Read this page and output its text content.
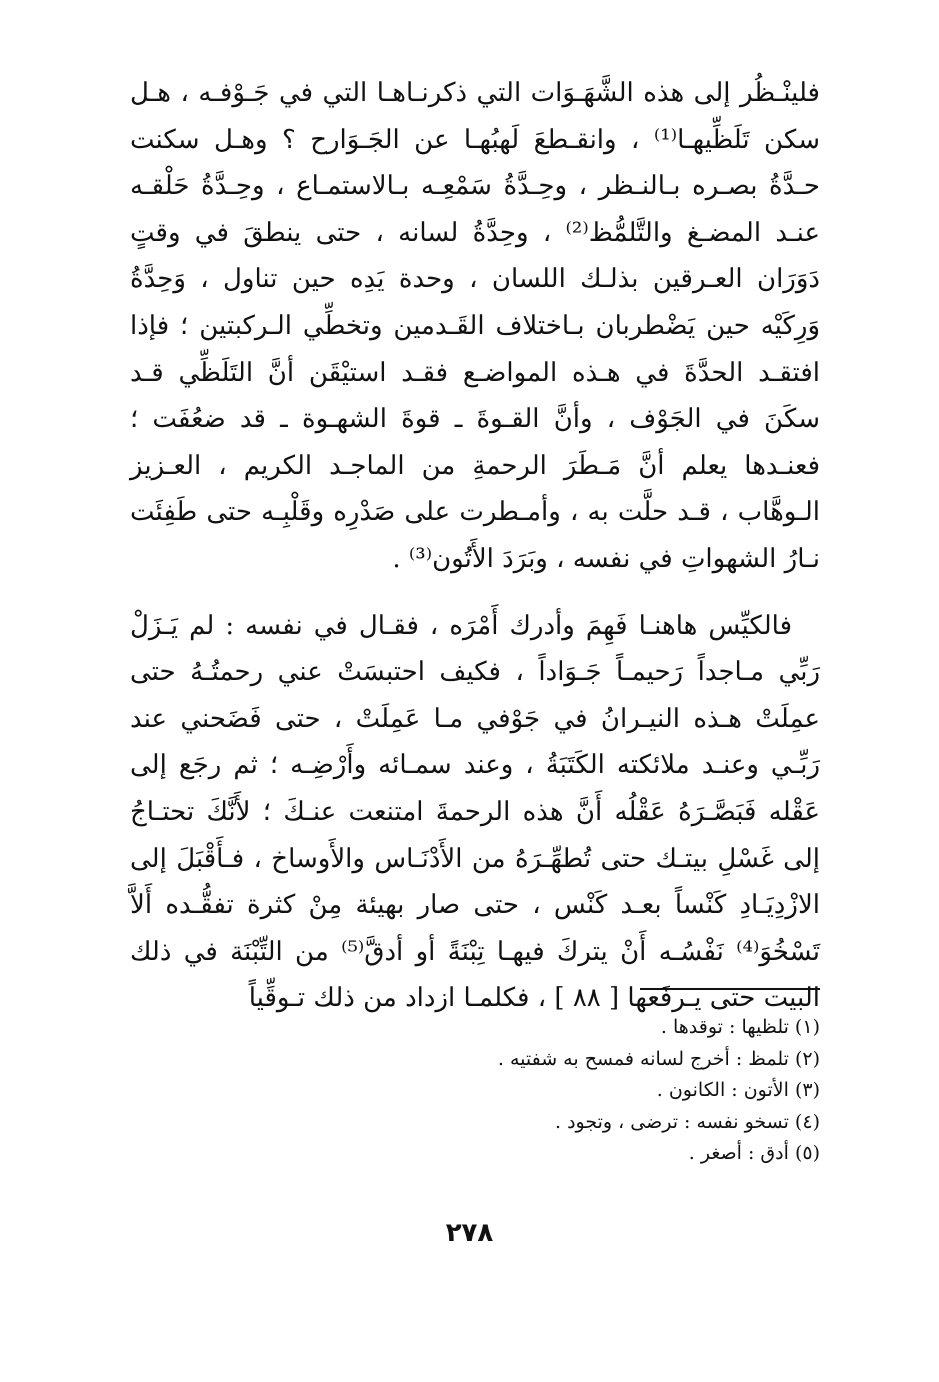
فلينْـظُر إلى هذه الشَّهَـوَات التي ذكرنـاهـا التي في جَـوْفـه ، هـل سكن تَلَظِّيهـا⁽¹⁾ ، وانقـطعَ لَهبُهـا عن الجَـوَارح ؟ وهـل سكنت حـدَّةُ بصـره بـالنـظر ، وحِـدَّةُ سَمْعِـه بـالاستمـاع ، وحِـدَّةُ حَلْقـه عنـد المضـغ والتَّلمُّظ⁽²⁾ ، وحِدَّةُ لسانه ، حتى ينطقَ في وقتٍ دَوَرَان العـرقين بذلـك اللسان ، وحدة يَدِه حين تناول ، وَحِدَّةُ وَرِكَيْه حين يَضْطربان بـاختلاف القَـدمين وتخطِّي الـركبتين ؛ فإذا افتقـد الحدَّةَ في هـذه المواضـع فقـد استيْقَن أنَّ التَلَظِّي قـد سكَنَ في الجَوْف ، وأنَّ القـوةَ ـ قوةَ الشهـوة ـ قد ضعُفَت ؛ فعنـدها يعلم أنَّ مَـطَرَ الرحمةِ من الماجـد الكريم ، العـزيز الـوهَّاب ، قـد حلَّت به ، وأمـطرت على صَدْرِه وقَلْبِـه حتى طَفِئَت نـارُ الشهواتِ في نفسه ، وبَرَدَ الأَتُون⁽³⁾ .

فالكيِّس هاهنـا فَهِمَ وأدرك أَمْرَه ، فقـال في نفسه : لم يَـزَلْ رَبِّي مـاجداً رَحيمـاً جَـوَاداً ، فكيف احتبسَتْ عني رحمتُـهُ حتى عمِلَتْ هـذه النيـرانُ في جَوْفي مـا عَمِلَتْ ، حتى فَضَحني عند رَبِّـي وعنـد ملائكته الكَتَبَةُ ، وعند سمـائه وأَرْضِـه ؛ ثم رجَع إلى عَقْله فَبَصَّـرَهُ عَقْلُه أَنَّ هذه الرحمةَ امتنعت عنـكَ ؛ لأَنَّكَ تحتـاجُ إلى غَسْلِ بيتـك حتى تُطهِّـرَهُ من الأَدْنَـاس والأَوساخ ، فـأَقْبَلَ إلى الازْدِيَـادِ كَنْساً بعـد كَنْس ، حتى صار بهيئة مِنْ كثرة تفقُّـده أَلاَّ تَسْخُوَ⁽⁴⁾ نَفْسُـه أَنْ يتركَ فيهـا تِبْنَةً أو أدقَّ⁽⁵⁾ من التِّبْنَة في ذلك البيت حتى يـرفَعها [ ٨٨ ] ، فكلمـا ازداد من ذلك تـوقِّياً

(١) تلظيها : توقدها .

(٢) تلمظ : أخرج لسانه فمسح به شفتيه .

(٣) الأتون : الكانون .

(٤) تسخو نفسه : ترضى ، وتجود .

(٥) أدق : أصغر .

٢٧٨
